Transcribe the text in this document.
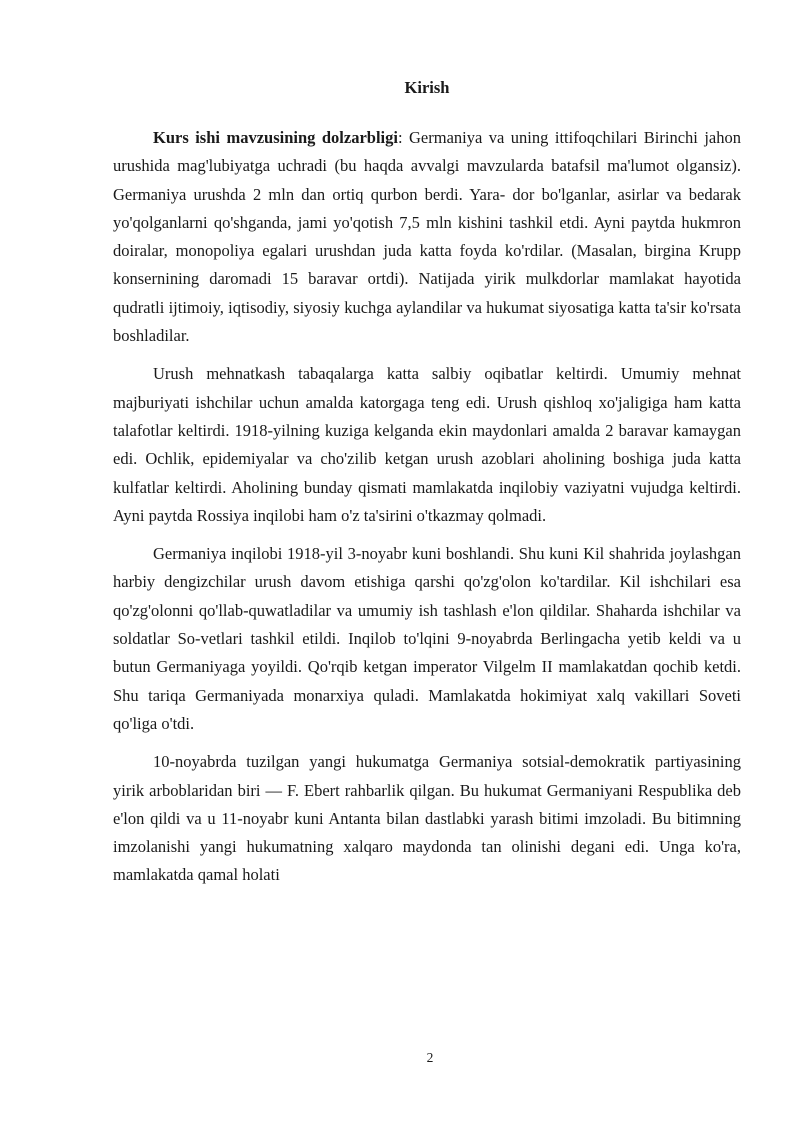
Kirish

Kurs ishi mavzusining dolzarbligi: Germaniya va uning ittifoqchilari Birinchi jahon urushida mag'lubiyatga uchradi (bu haqda avvalgi mavzularda batafsil ma'lumot olgansiz). Germaniya urushda 2 mln dan ortiq qurbon berdi. Yara- dor bo'lganlar, asirlar va bedarak yo'qolganlarni qo'shganda, jami yo'qotish 7,5 mln kishini tashkil etdi. Ayni paytda hukmron doiralar, monopoliya egalari urushdan juda katta foyda ko'rdilar. (Masalan, birgina Krupp konsernining daromadi 15 baravar ortdi). Natijada yirik mulkdorlar mamlakat hayotida qudratli ijtimoiy, iqtisodiy, siyosiy kuchga aylandilar va hukumat siyosatiga katta ta'sir ko'rsata boshladilar.

Urush mehnatkash tabaqalarga katta salbiy oqibatlar keltirdi. Umumiy mehnat majburiyati ishchilar uchun amalda katorgaga teng edi. Urush qishloq xo'jaligiga ham katta talafotlar keltirdi. 1918-yilning kuziga kelganda ekin maydonlari amalda 2 baravar kamaygan edi. Ochlik, epidemiyalar va cho'zilib ketgan urush azoblari aholining boshiga juda katta kulfatlar keltirdi. Aholining bunday qismati mamlakatda inqilobiy vaziyatni vujudga keltirdi. Ayni paytda Rossiya inqilobi ham o'z ta'sirini o'tkazmay qolmadi.

Germaniya inqilobi 1918-yil 3-noyabr kuni boshlandi. Shu kuni Kil shahrida joylashgan harbiy dengizchilar urush davom etishiga qarshi qo'zg'olon ko'tardilar. Kil ishchilari esa qo'zg'olonni qo'llab-quwatladilar va umumiy ish tashlash e'lon qildilar. Shaharda ishchilar va soldatlar So-vetlari tashkil etildi. Inqilob to'lqini 9-noyabrda Berlingacha yetib keldi va u butun Germaniyaga yoyildi. Qo'rqib ketgan imperator Vilgelm II mamlakatdan qochib ketdi. Shu tariqa Germaniyada monarxiya quladi. Mamlakatda hokimiyat xalq vakillari Soveti qo'liga o'tdi.

10-noyabrda tuzilgan yangi hukumatga Germaniya sotsial-demokratik partiyasining yirik arboblaridan biri — F. Ebert rahbarlik qilgan. Bu hukumat Germaniyani Respublika deb e'lon qildi va u 11-noyabr kuni Antanta bilan dastlabki yarash bitimi imzoladi. Bu bitimning imzolanishi yangi hukumatning xalqaro maydonda tan olinishi degani edi. Unga ko'ra, mamlakatda qamal holati

2
